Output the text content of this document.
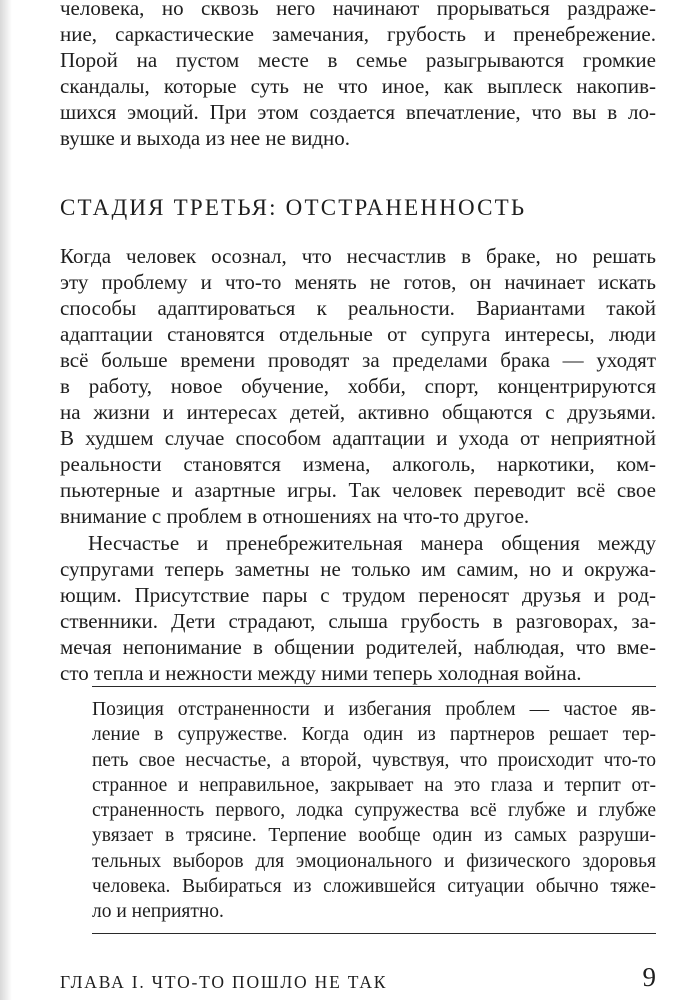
человека, но сквозь него начинают прорываться раздраже-
ние, саркастические замечания, грубость и пренебрежение.
Порой на пустом месте в семье разыгрываются громкие
скандалы, которые суть не что иное, как выплеск накопив-
шихся эмоций. При этом создается впечатление, что вы в ло-
вушке и выхода из нее не видно.
СТАДИЯ ТРЕТЬЯ: ОТСТРАНЕННОСТЬ
Когда человек осознал, что несчастлив в браке, но решать
эту проблему и что-то менять не готов, он начинает искать
способы адаптироваться к реальности. Вариантами такой
адаптации становятся отдельные от супруга интересы, люди
всё больше времени проводят за пределами брака — уходят
в работу, новое обучение, хобби, спорт, концентрируются
на жизни и интересах детей, активно общаются с друзьями.
В худшем случае способом адаптации и ухода от неприятной
реальности становятся измена, алкоголь, наркотики, ком-
пьютерные и азартные игры. Так человек переводит всё свое
внимание с проблем в отношениях на что-то другое.
Несчастье и пренебрежительная манера общения между
супругами теперь заметны не только им самим, но и окружа-
ющим. Присутствие пары с трудом переносят друзья и род-
ственники. Дети страдают, слыша грубость в разговорах, за-
мечая непонимание в общении родителей, наблюдая, что вме-
сто тепла и нежности между ними теперь холодная война.
Позиция отстраненности и избегания проблем — частое яв-
ление в супружестве. Когда один из партнеров решает тер-
петь свое несчастье, а второй, чувствуя, что происходит что-то
странное и неправильное, закрывает на это глаза и терпит от-
страненность первого, лодка супружества всё глубже и глубже
увязает в трясине. Терпение вообще один из самых разруши-
тельных выборов для эмоционального и физического здоровья
человека. Выбираться из сложившейся ситуации обычно тяже-
ло и неприятно.
ГЛАВА I. ЧТО-ТО ПОШЛО НЕ ТАК	9
